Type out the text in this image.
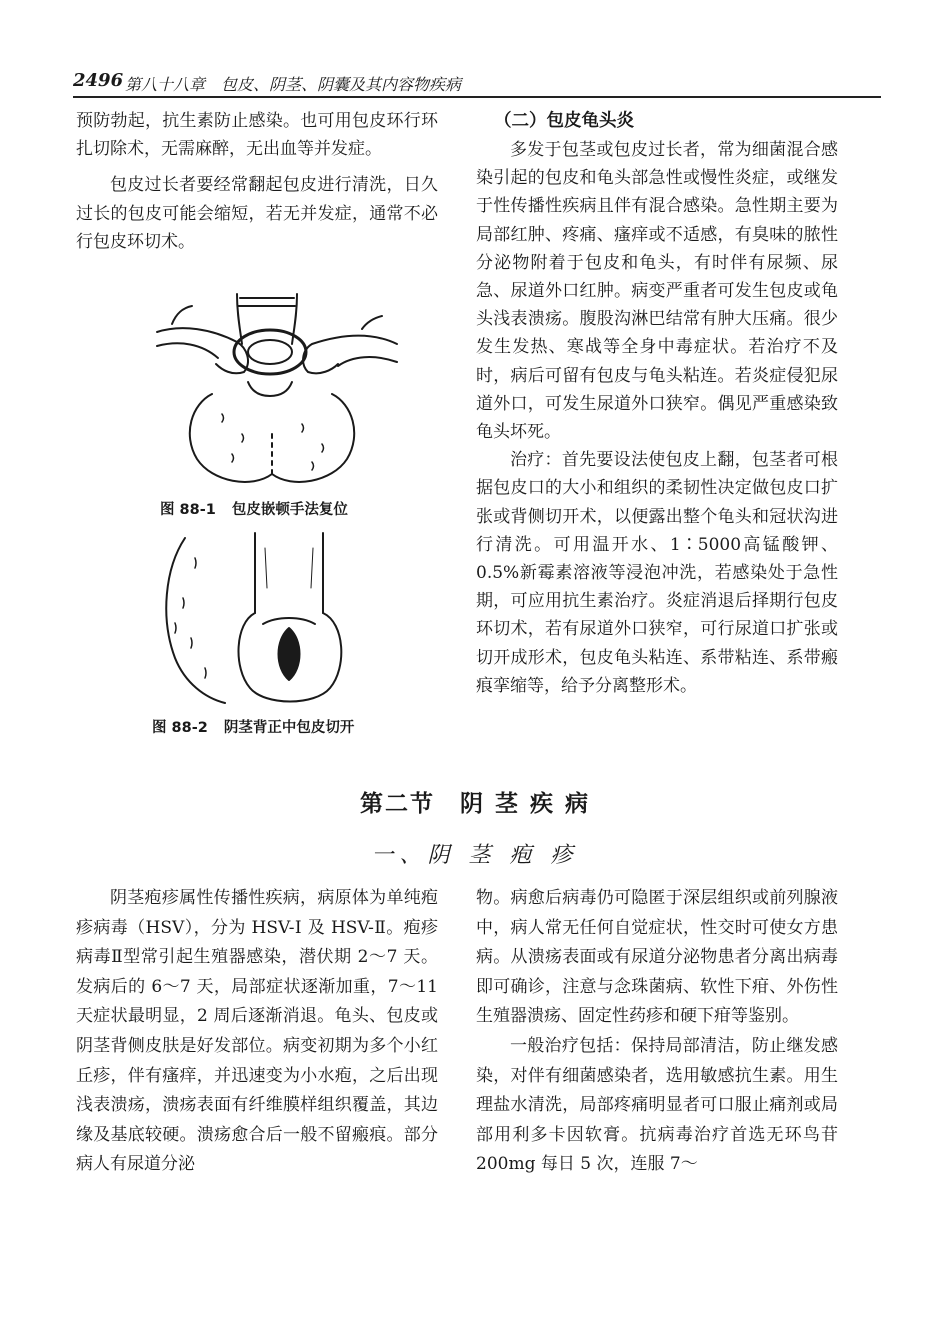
2496 第八十八章　包皮、阴茎、阴囊及其内容物疾病

预防勃起，抗生素防止感染。也可用包皮环行环扎切除术，无需麻醉，无出血等并发症。

包皮过长者要经常翻起包皮进行清洗，日久过长的包皮可能会缩短，若无并发症，通常不必行包皮环切术。

图 88-1 包皮嵌顿手法复位
图 88-2 阴茎背正中包皮切开
（二）包皮龟头炎

多发于包茎或包皮过长者，常为细菌混合感染引起的包皮和龟头部急性或慢性炎症，或继发于性传播性疾病且伴有混合感染。急性期主要为局部红肿、疼痛、瘙痒或不适感，有臭味的脓性分泌物附着于包皮和龟头，有时伴有尿频、尿急、尿道外口红肿。病变严重者可发生包皮或龟头浅表溃疡。腹股沟淋巴结常有肿大压痛。很少发生发热、寒战等全身中毒症状。若治疗不及时，病后可留有包皮与龟头粘连。若炎症侵犯尿道外口，可发生尿道外口狭窄。偶见严重感染致龟头坏死。

治疗：首先要设法使包皮上翻，包茎者可根据包皮口的大小和组织的柔韧性决定做包皮口扩张或背侧切开术，以便露出整个龟头和冠状沟进行清洗。可用温开水、1∶5000高锰酸钾、0.5%新霉素溶液等浸泡冲洗，若感染处于急性期，可应用抗生素治疗。炎症消退后择期行包皮环切术，若有尿道外口狭窄，可行尿道口扩张或切开成形术，包皮龟头粘连、系带粘连、系带瘢痕挛缩等，给予分离整形术。

第二节　阴 茎 疾 病
一、阴 茎 疱 疹

阴茎疱疹属性传播性疾病，病原体为单纯疱疹病毒（HSV），分为 HSV-Ⅰ 及 HSV-Ⅱ。疱疹病毒Ⅱ型常引起生殖器感染，潜伏期 2～7 天。发病后的 6～7 天，局部症状逐渐加重，7～11 天症状最明显，2 周后逐渐消退。龟头、包皮或阴茎背侧皮肤是好发部位。病变初期为多个小红丘疹，伴有瘙痒，并迅速变为小水疱，之后出现浅表溃疡，溃疡表面有纤维膜样组织覆盖，其边缘及基底较硬。溃疡愈合后一般不留瘢痕。部分病人有尿道分泌

物。病愈后病毒仍可隐匿于深层组织或前列腺液中，病人常无任何自觉症状，性交时可使女方患病。从溃疡表面或有尿道分泌物患者分离出病毒即可确诊，注意与念珠菌病、软性下疳、外伤性生殖器溃疡、固定性药疹和硬下疳等鉴别。

一般治疗包括：保持局部清洁，防止继发感染，对伴有细菌感染者，选用敏感抗生素。用生理盐水清洗，局部疼痛明显者可口服止痛剂或局部用利多卡因软膏。抗病毒治疗首选无环鸟苷 200mg 每日 5 次，连服 7～
